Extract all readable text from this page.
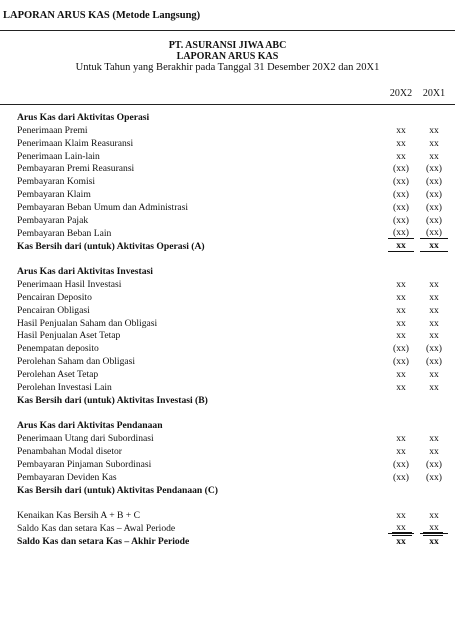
LAPORAN ARUS KAS (Metode Langsung)
PT. ASURANSI JIWA ABC
LAPORAN ARUS KAS
Untuk Tahun yang Berakhir pada Tanggal 31 Desember 20X2 dan 20X1
20X2 20X1
Arus Kas dari Aktivitas Operasi
Penerimaan Premi	xx	xx
Penerimaan Klaim Reasuransi	xx	xx
Penerimaan Lain-lain	xx	xx
Pembayaran Premi Reasuransi	(xx)	(xx)
Pembayaran Komisi	(xx)	(xx)
Pembayaran Klaim	(xx)	(xx)
Pembayaran Beban Umum dan Administrasi	(xx)	(xx)
Pembayaran Pajak	(xx)	(xx)
Pembayaran Beban Lain	(xx)	(xx)
Kas Bersih dari (untuk) Aktivitas Operasi (A)	xx	xx
Arus Kas dari Aktivitas Investasi
Penerimaan Hasil Investasi	xx	xx
Pencairan Deposito	xx	xx
Pencairan Obligasi	xx	xx
Hasil Penjualan Saham dan Obligasi	xx	xx
Hasil Penjualan Aset Tetap	xx	xx
Penempatan deposito	(xx)	(xx)
Perolehan Saham dan Obligasi	(xx)	(xx)
Perolehan Aset Tetap	xx	xx
Perolehan Investasi Lain	xx	xx
Kas Bersih dari (untuk) Aktivitas Investasi (B)
Arus Kas dari Aktivitas Pendanaan
Penerimaan Utang dari Subordinasi	xx	xx
Penambahan Modal disetor	xx	xx
Pembayaran Pinjaman Subordinasi	(xx)	(xx)
Pembayaran Deviden Kas	(xx)	(xx)
Kas Bersih dari (untuk) Aktivitas Pendanaan (C)
Kenaikan Kas Bersih A + B + C	xx	xx
Saldo Kas dan setara Kas – Awal Periode	xx	xx
Saldo Kas dan setara Kas – Akhir Periode	xx	xx
